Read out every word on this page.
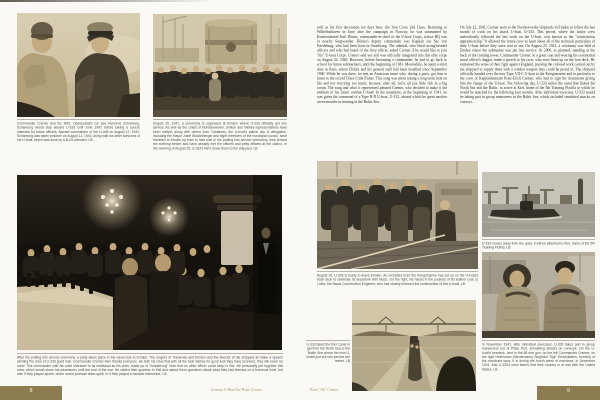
Commander Cremer and his IWO, Oberleutnant zur See Klemens Schamong. Schamong would stay aboard U-333 until June 1942 before taking a course intended for future officers. Named commander of the U-468 on August 12, 1942, Schamong was taken prisoner on August 11, 1943, along with six other survivors of his U-boat, which was sunk by a B-24 Liberator. LB
August 25, 1941: a ceremony is organized at Emden where U-333 officially got into service. As well as the chiefs of Nordseewerke, civilian and military representatives have been invited, along with others from Trautenau, the U-boat's patron city. A delegation, including the Mayor Josef Stradelberger and eight members of the municipal council, have travelled to Emden by train to take part in the putting into service ceremony; they arrived the evening before and have already met the officers and petty officers at the casino. In the morning of August 25, U-333's IWO drove them to the shipyard. LB
After the putting into service ceremony, a party takes place in the naval club in Emden. The mayors of Trautenau and Emden and the director of the shipyard all make a speech wishing the crew of U-333 good luck. Commander Cremer then thanks everyone. He tells his crew that with all the best wishes for good luck they have received, they will never be sunk! This commander with his solid character is as individual as his crew, made up of "headstrong" men that no other officer could keep in line. He personally put together this crew, which would share his adventures until the end of the war. He visited their quarters in Kiel and asked them questions about what they had learned on a technical level, but also if they played sports, which would promote team spirit, or if they played a musical instrument. LB
8	German U-Boat Ace Peter Cremer
well as his first decoration ten days later: the Iron Cross 2nd Class. Returning to Wilhelmshaven in June after the campaign in Norway, he was summoned by Konteradmiral Karl Dönitz, commander-in-chief of the U-boat Corps, whose HQ was in nearby Sengwarden. Dönitz's deputy commander was Kapitän zur See von Friedeburg, who had been born in Strasbourg. The admiral, who liked strong-headed officers and who had heard of the fiery officer, asked Cremer if he would like to join "his" U-boat Corps. Cremer said yes and was officially integrated into this elite corps on August 22, 1940. However, before becoming a commander, he had to go back to school for future submariners, until the beginning of 1941. Meanwhile, he spent a short time in Paris, where Dönitz and his general staff had been installed since September 1940. While he was there, he met an American nurse who, during a party, got him to listen to the record Three Little Fishes. This song was about taking a long-term look on life and not worrying too much, because, after all, we're all just little fish in a big ocean. The song and what it represented pleased Cremer, who decided to make it the emblem of his future combat U-boat! In the meantime, at the beginning of 1941, he was given the command of a Type II-D U-boat, U-152, aboard which he spent another seven months in training in the Baltic Sea.
On July 22, 1941, Cremer went to the Nordseewerke shipyards in Emden to follow the last month of work on his attack U-boat, U-333. This period, where the future crew meticulously followed the last work on the U-boat, was known as the "construction apprenticeship." It allowed the future crew to learn about all of the technical particulars of their U-boat before they were sent to sea. On August 25, 1941, a ceremony was held at Emden where the submarine was put into service. At 2000, as planned, standing at the back of the conning tower, Commander Cremer, in a great coat and wearing his ceremonial naval officer's dagger, made a speech to his crew, who were lined up on the fore-deck. He explained the sense of their fight against England, praising the colossal work carried out by the shipyard to supply them with a combat weapon they could be proud of. The shipyard officially handed over the new Type VII-C U-boat to the Kriegsmarine and in particular to the crew of Kapitänleutnant Peter-Erich Cremer, who had to sign the documents giving him the charge of the U-boat. The following day, U-333 sailed the canal that linked the North Sea and the Baltic, to arrive at Kiel, home of the 5th Training Flotilla to which he would be attached for the following four months. After individual exercises, U-333 would be taking part in group maneuvers in the Baltic Sea, which included simulated attacks on convoys.
August 26, U-333 is ready to leave Emden. An orchestra from the Kriegsmarine has set up on the U-boat's back deck to celebrate its departure with music. On the right, his hands in the pockets of his leather coat, is Lüths, the Naval Construction Engineer, who has closely followed the construction of this U-boat. LB
U-333 moves away from the quay. It will be attached to Kiel, home of the 5th Training Flotilla. LB
In November 1941, after individual exercises, U-333 takes part in group maneuvers out of Pillau Port, simulating attacks on convoys. On the U-boat's foredeck, next to the 88 mm gun: on the left Commander Cremer; on the right Helmsman (Steuermann) Siegfried "Sigi" Schulzkatten, formerly of the merchant navy. It is during the fourth week of exercises, in December 1941, that U-333's crew learns that their country is at war with the United States. LB
U-333 takes the Kiel Canal to get from the North Sea to the Baltic Sea where the new U-boats just put into service are tested. LB
Peter "Ali" Cremer	9
